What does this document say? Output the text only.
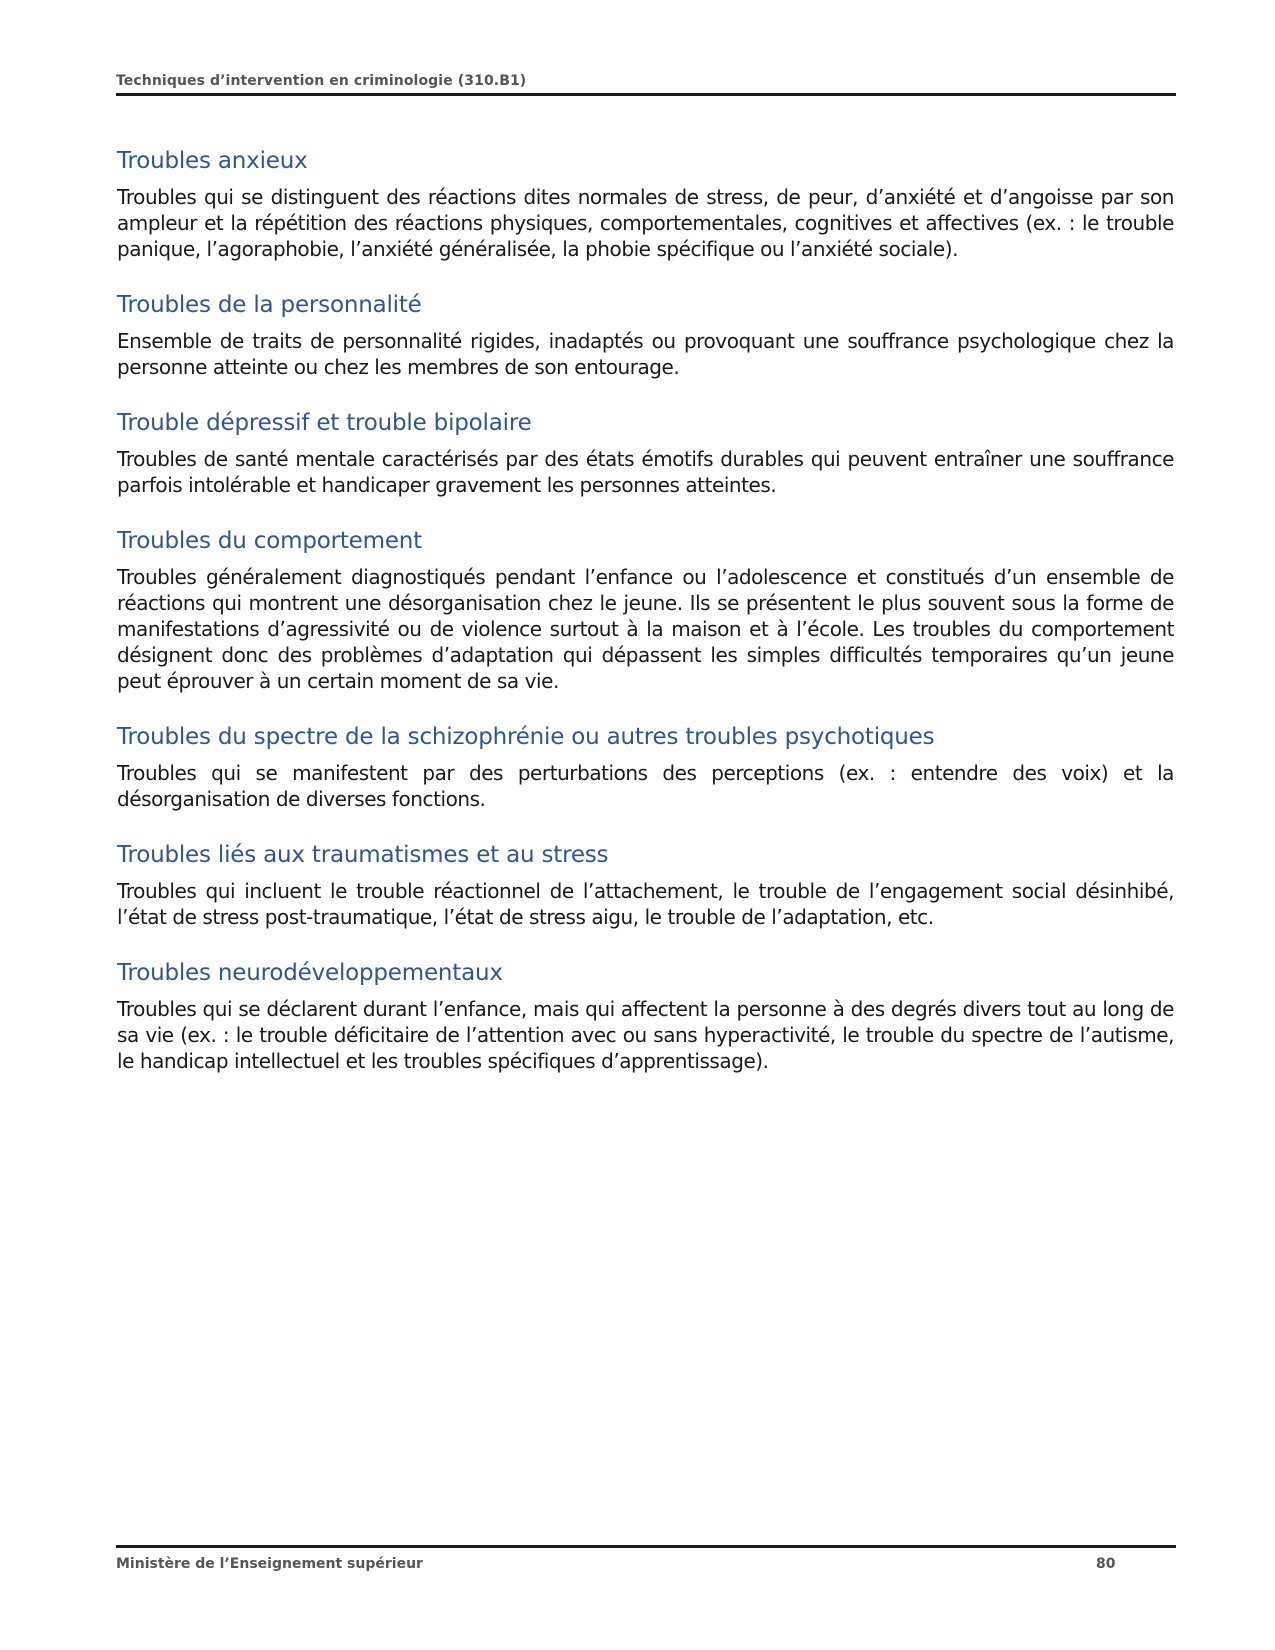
Techniques d’intervention en criminologie (310.B1)
Troubles anxieux

Troubles qui se distinguent des réactions dites normales de stress, de peur, d’anxiété et d’angoisse par son ampleur et la répétition des réactions physiques, comportementales, cognitives et affectives (ex. : le trouble panique, l’agoraphobie, l’anxiété généralisée, la phobie spécifique ou l’anxiété sociale).

Troubles de la personnalité

Ensemble de traits de personnalité rigides, inadaptés ou provoquant une souffrance psychologique chez la personne atteinte ou chez les membres de son entourage.

Trouble dépressif et trouble bipolaire

Troubles de santé mentale caractérisés par des états émotifs durables qui peuvent entraîner une souffrance parfois intolérable et handicaper gravement les personnes atteintes.

Troubles du comportement

Troubles généralement diagnostiqués pendant l’enfance ou l’adolescence et constitués d’un ensemble de réactions qui montrent une désorganisation chez le jeune. Ils se présentent le plus souvent sous la forme de manifestations d’agressivité ou de violence surtout à la maison et à l’école. Les troubles du comportement désignent donc des problèmes d’adaptation qui dépassent les simples difficultés temporaires qu’un jeune peut éprouver à un certain moment de sa vie.

Troubles du spectre de la schizophrénie ou autres troubles psychotiques

Troubles qui se manifestent par des perturbations des perceptions (ex. : entendre des voix) et la désorganisation de diverses fonctions.

Troubles liés aux traumatismes et au stress

Troubles qui incluent le trouble réactionnel de l’attachement, le trouble de l’engagement social désinhibé, l’état de stress post-traumatique, l’état de stress aigu, le trouble de l’adaptation, etc.

Troubles neurodéveloppementaux

Troubles qui se déclarent durant l’enfance, mais qui affectent la personne à des degrés divers tout au long de sa vie (ex. : le trouble déficitaire de l’attention avec ou sans hyperactivité, le trouble du spectre de l’autisme, le handicap intellectuel et les troubles spécifiques d’apprentissage).

Ministère de l’Enseignement supérieur	80
